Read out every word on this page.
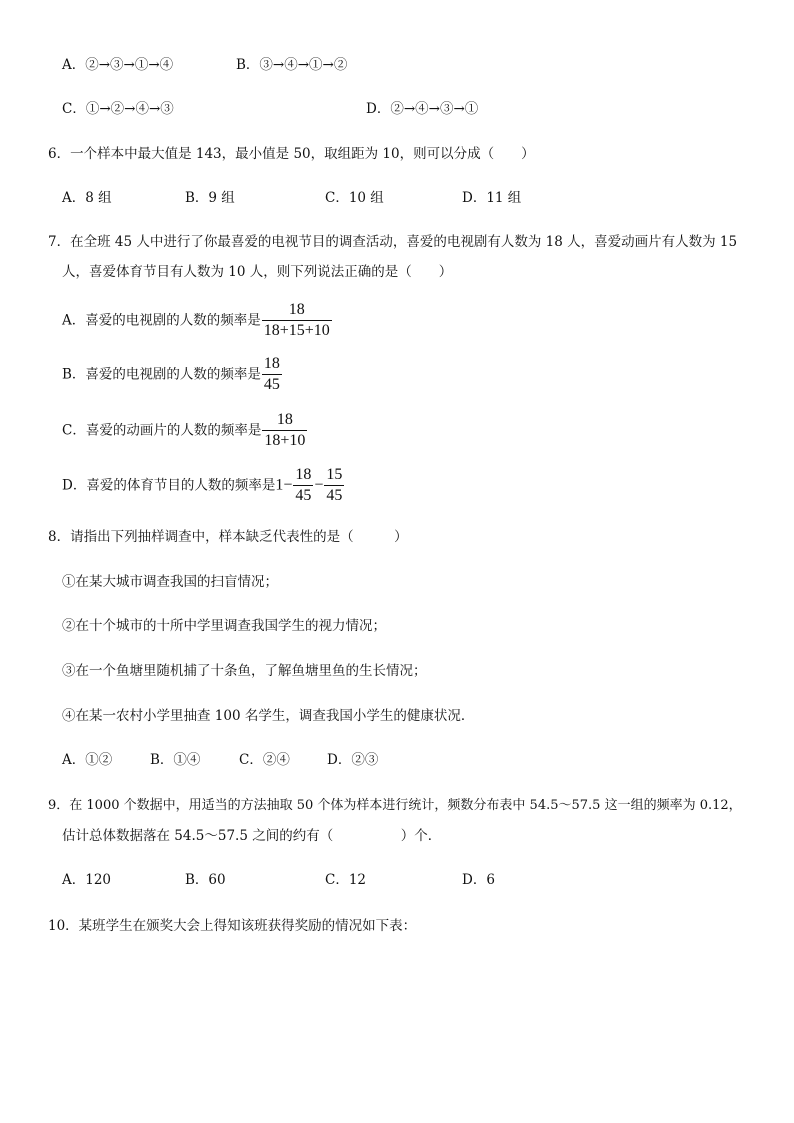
A．②→③→①→④	B．③→④→①→②
C．①→②→④→③	D．②→④→③→①
6．一个样本中最大值是 143，最小值是 50，取组距为 10，则可以分成（　　）
A．8 组	B．9 组	C．10 组	D．11 组
7．在全班 45 人中进行了你最喜爱的电视节目的调查活动，喜爱的电视剧有人数为 18 人，喜爱动画片有人数为 15
人，喜爱体育节目有人数为 10 人，则下列说法正确的是（　　）
A．喜爱的电视剧的人数的频率是 $\frac{18}{18+15+10}$
B．喜爱的电视剧的人数的频率是 $\frac{18}{45}$
C．喜爱的动画片的人数的频率是 $\frac{18}{18+10}$
D．喜爱的体育节目的人数的频率是$1- \frac{18}{45} - \frac{15}{45}$
8．请指出下列抽样调查中，样本缺乏代表性的是（　　　）
①在某大城市调查我国的扫盲情况；
②在十个城市的十所中学里调查我国学生的视力情况；
③在一个鱼塘里随机捕了十条鱼，了解鱼塘里鱼的生长情况；
④在某一农村小学里抽查 100 名学生，调查我国小学生的健康状况．
A．①②	B．①④	C．②④	D．②③
9．在 1000 个数据中，用适当的方法抽取 50 个体为样本进行统计，频数分布表中 54.5～57.5 这一组的频率为 0.12，
估计总体数据落在 54.5～57.5 之间的约有（　　　　　）个．
A．120	B．60	C．12	D．6
10．某班学生在颁奖大会上得知该班获得奖励的情况如下表：
